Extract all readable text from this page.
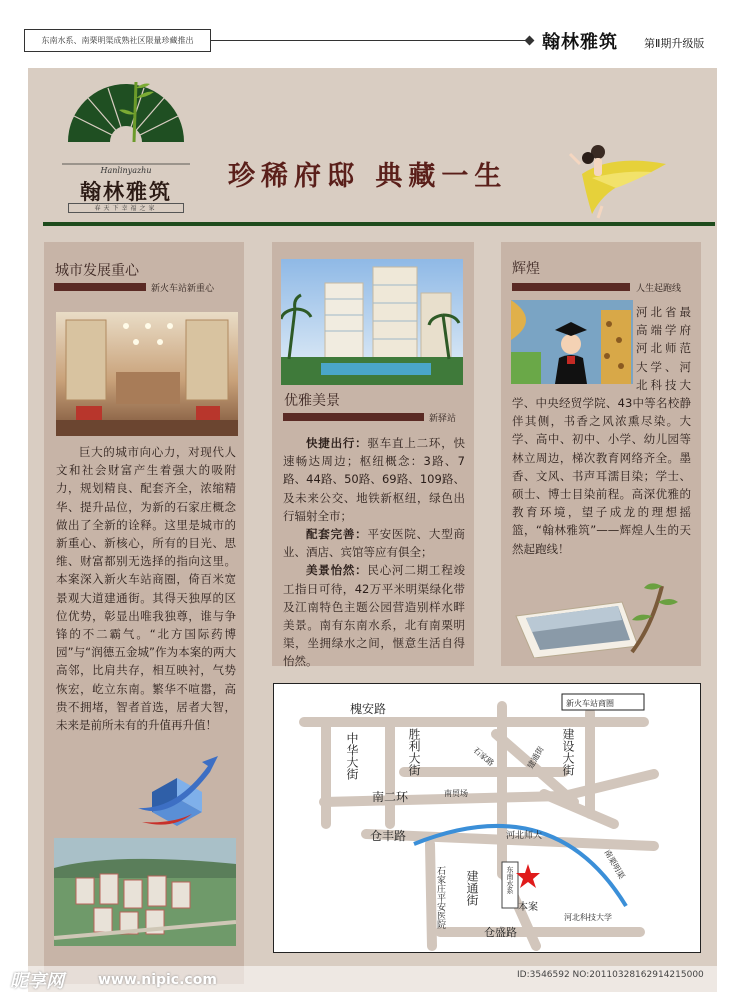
东南水系、南栗明渠成熟社区限量珍藏推出	翰林雅筑 第Ⅱ期升级版
Hanlinyazhu
翰林雅筑
春天下幸福之家
珍稀府邸 典藏一生
城市发展重心
新火车站新重心

巨大的城市向心力，对现代人文和社会财富产生着强大的吸附力，规划精良、配套齐全，浓缩精华、提升品位，为新的石家庄概念做出了全新的诠释。这里是城市的新重心、新核心，所有的目光、思维、财富都别无选择的指向这里。本案深入新火车站商圈，倚百米宽景观大道建通街。其得天独厚的区位优势，彰显出唯我独尊，谁与争锋的不二霸气。“北方国际药博园”与“润德五金城”作为本案的两大高邻，比肩共存，相互映衬，气势恢宏，屹立东南。繁华不喧嚣，高贵不拥堵，智者首选，居者大智，未来是前所未有的升值再升值！

优雅美景
新驿站

快捷出行：驱车直上二环，快速畅达周边；枢纽概念：3路、7路、44路、50路、69路、109路、及未来公交、地铁新枢纽，绿色出行辐射全市；

配套完善：平安医院、大型商业、酒店、宾馆等应有俱全；

美景怡然：民心河二期工程竣工指日可待，42万平米明渠绿化带及江南特色主题公园营造别样水畔美景。南有东南水系，北有南栗明渠，坐拥绿水之间，惬意生活自得怡然。

辉煌
人生起跑线
河北省最高端学府河北师范大学、河北科技大学、中央经贸学院、43中等名校静伴其侧，书香之风浓熏尽染。大学、高中、初中、小学、幼儿园等林立周边，梯次教育网络齐全。墨香、文风、书声耳濡目染；学士、硕士、博士目染前程。高深优雅的教育环境，望子成龙的理想摇篮，“翰林雅筑”——辉煌人生的天然起跑线！
槐安路	新火车站商圈
中华大街	胜利大街	石家路	建通街 建设大街
南二环	南贸场
仓丰路	河北师大
南栗明渠
石家庄平安医院 建通街	东南水系
本案
河北科技大学
仓盛路
昵享网 www.nipic.com	ID:3546592 NO:20110328162914215000
